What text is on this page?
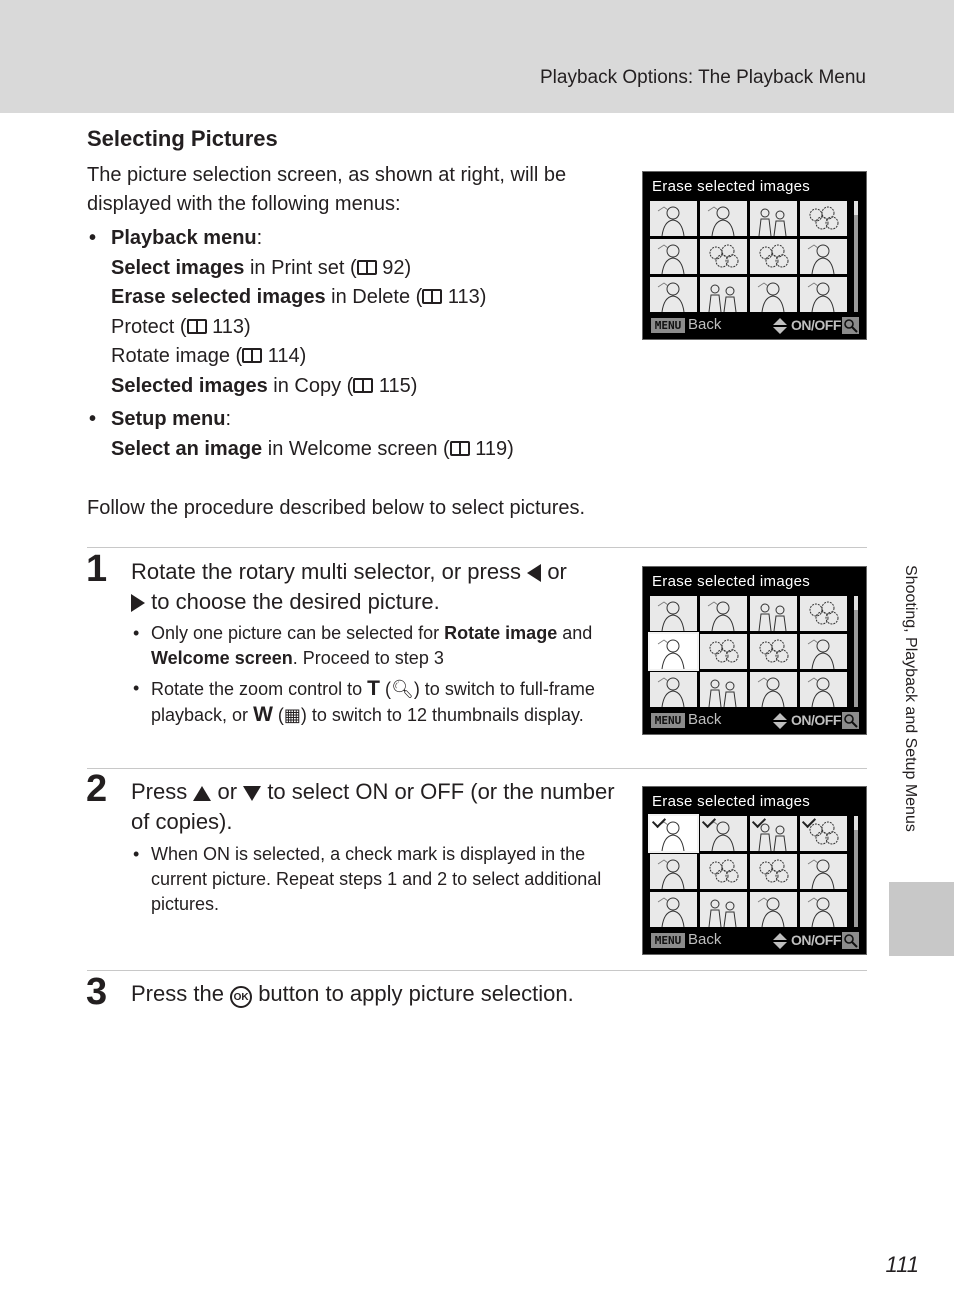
Playback Options: The Playback Menu
Selecting Pictures
The picture selection screen, as shown at right, will be displayed with the following menus:
• Playback menu:
Select images in Print set ( 92)
Erase selected images in Delete ( 113)
Protect ( 113)
Rotate image ( 114)
Selected images in Copy ( 115)
• Setup menu:
Select an image in Welcome screen ( 119)
Follow the procedure described below to select pictures.
1 Rotate the rotary multi selector, or press or
to choose the desired picture.
• Only one picture can be selected for Rotate image and Welcome screen. Proceed to step 3
• Rotate the zoom control to T (🔍︎) to switch to full-frame playback, or W (▦) to switch to 12 thumbnails display.
2 Press or to select ON or OFF (or the number of copies).
• When ON is selected, a check mark is displayed in the current picture. Repeat steps 1 and 2 to select additional pictures.
3 Press the OK button to apply picture selection.
Erase selected images
MENU Back	ON/OFF
Erase selected images
MENU Back	ON/OFF
Erase selected images
MENU Back	ON/OFF
Shooting, Playback and Setup Menus
111
